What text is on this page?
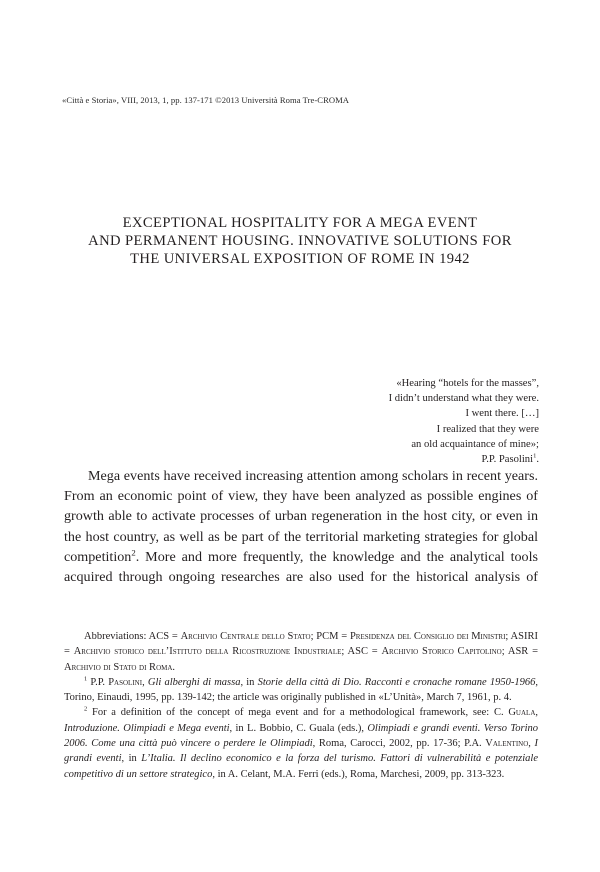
«Città e Storia», VIII, 2013, 1, pp. 137-171 ©2013 Università Roma Tre-CROMA
EXCEPTIONAL HOSPITALITY FOR A MEGA EVENT
AND PERMANENT HOUSING. INNOVATIVE SOLUTIONS FOR
THE UNIVERSAL EXPOSITION OF ROME IN 1942
«Hearing “hotels for the masses”,
I didn’t understand what they were.
I went there. […]
I realized that they were
an old acquaintance of mine»;
P.P. Pasolini$^1$.

Mega events have received increasing attention among scholars in recent years. From an economic point of view, they have been analyzed as possible engines of growth able to activate processes of urban regeneration in the host city, or even in the host country, as well as be part of the territorial marketing strategies for global competition$^2$. More and more frequently, the knowledge and the analytical tools acquired through ongoing researches are also used for the historical analysis of

Abbreviations: ACS = Archivio Centrale dello Stato; PCM = Presidenza del Consiglio dei Ministri; ASIRI = Archivio storico dell’Istituto della Ricostruzione Industriale; ASC = Archivio Storico Capitolino; ASR = Archivio di Stato di Roma.

$^1$ P.P. Pasolini, Gli alberghi di massa, in Storie della città di Dio. Racconti e cronache romane 1950-1966, Torino, Einaudi, 1995, pp. 139-142; the article was originally published in «L’Unità», March 7, 1961, p. 4.

$^2$ For a definition of the concept of mega event and for a methodological framework, see: C. Guala, Introduzione. Olimpiadi e Mega eventi, in L. Bobbio, C. Guala (eds.), Olimpiadi e grandi eventi. Verso Torino 2006. Come una città può vincere o perdere le Olimpiadi, Roma, Carocci, 2002, pp. 17-36; P.A. Valentino, I grandi eventi, in L’Italia. Il declino economico e la forza del turismo. Fattori di vulnerabilità e potenziale competitivo di un settore strategico, in A. Celant, M.A. Ferri (eds.), Roma, Marchesi, 2009, pp. 313-323.
